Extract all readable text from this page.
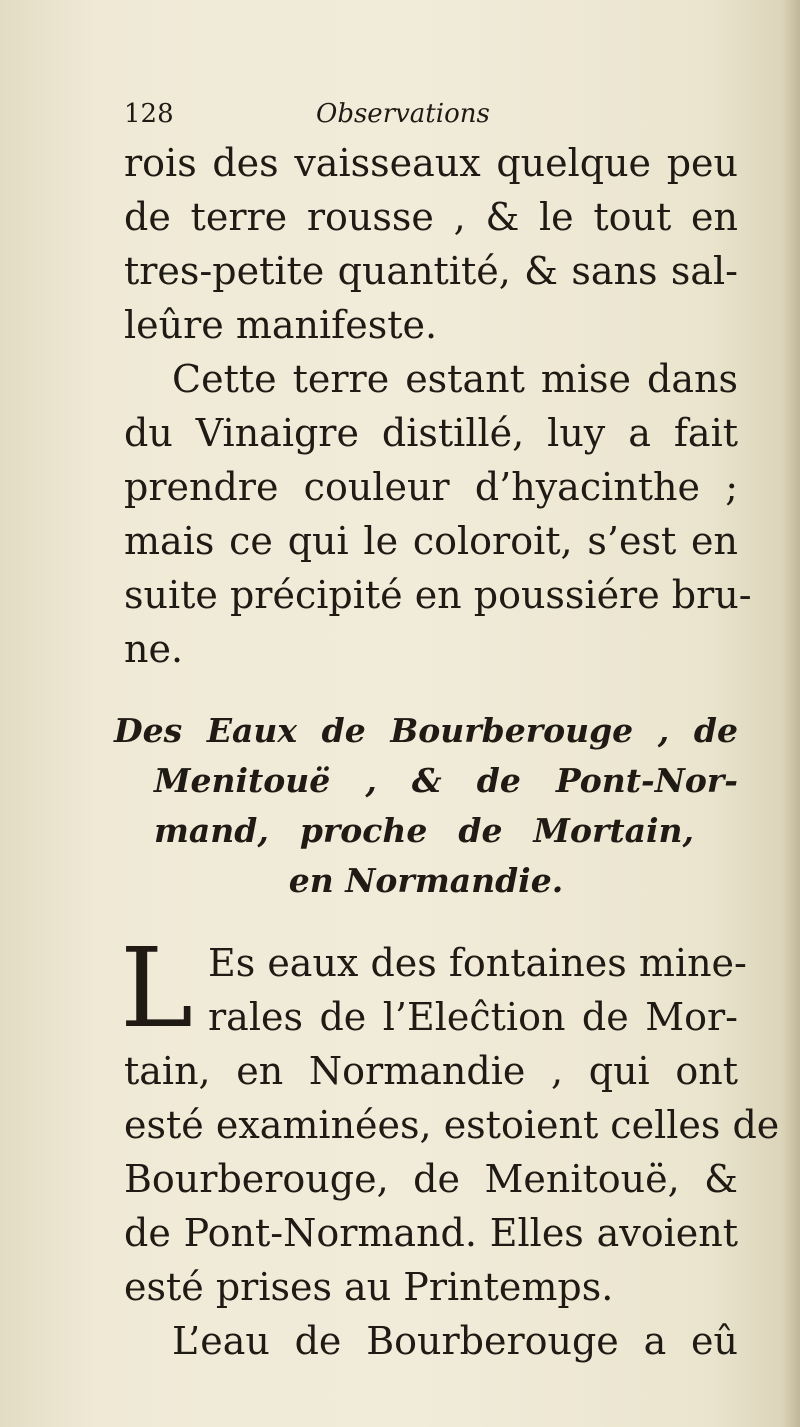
128	Observations
rois des vaisseaux quelque peu
de terre rousse , & le tout en
tres-petite quantité, & sans sal-
leûre manifeste.
Cette terre estant mise dans
du Vinaigre distillé, luy a fait
prendre couleur d’hyacinthe ;
mais ce qui le coloroit, s’est en
suite précipité en poussiére bru-
ne.
Des Eaux de Bourberouge , de
Menitouë , & de Pont-Nor-
mand, proche de Mortain,
en Normandie.
L Es eaux des fontaines mine-
rales de l’Eleĉtion de Mor-
tain, en Normandie , qui ont
esté examinées, estoient celles de
Bourberouge, de Menitouë, &
de Pont-Normand. Elles avoient
esté prises au Printemps.
L’eau de Bourberouge a eû
